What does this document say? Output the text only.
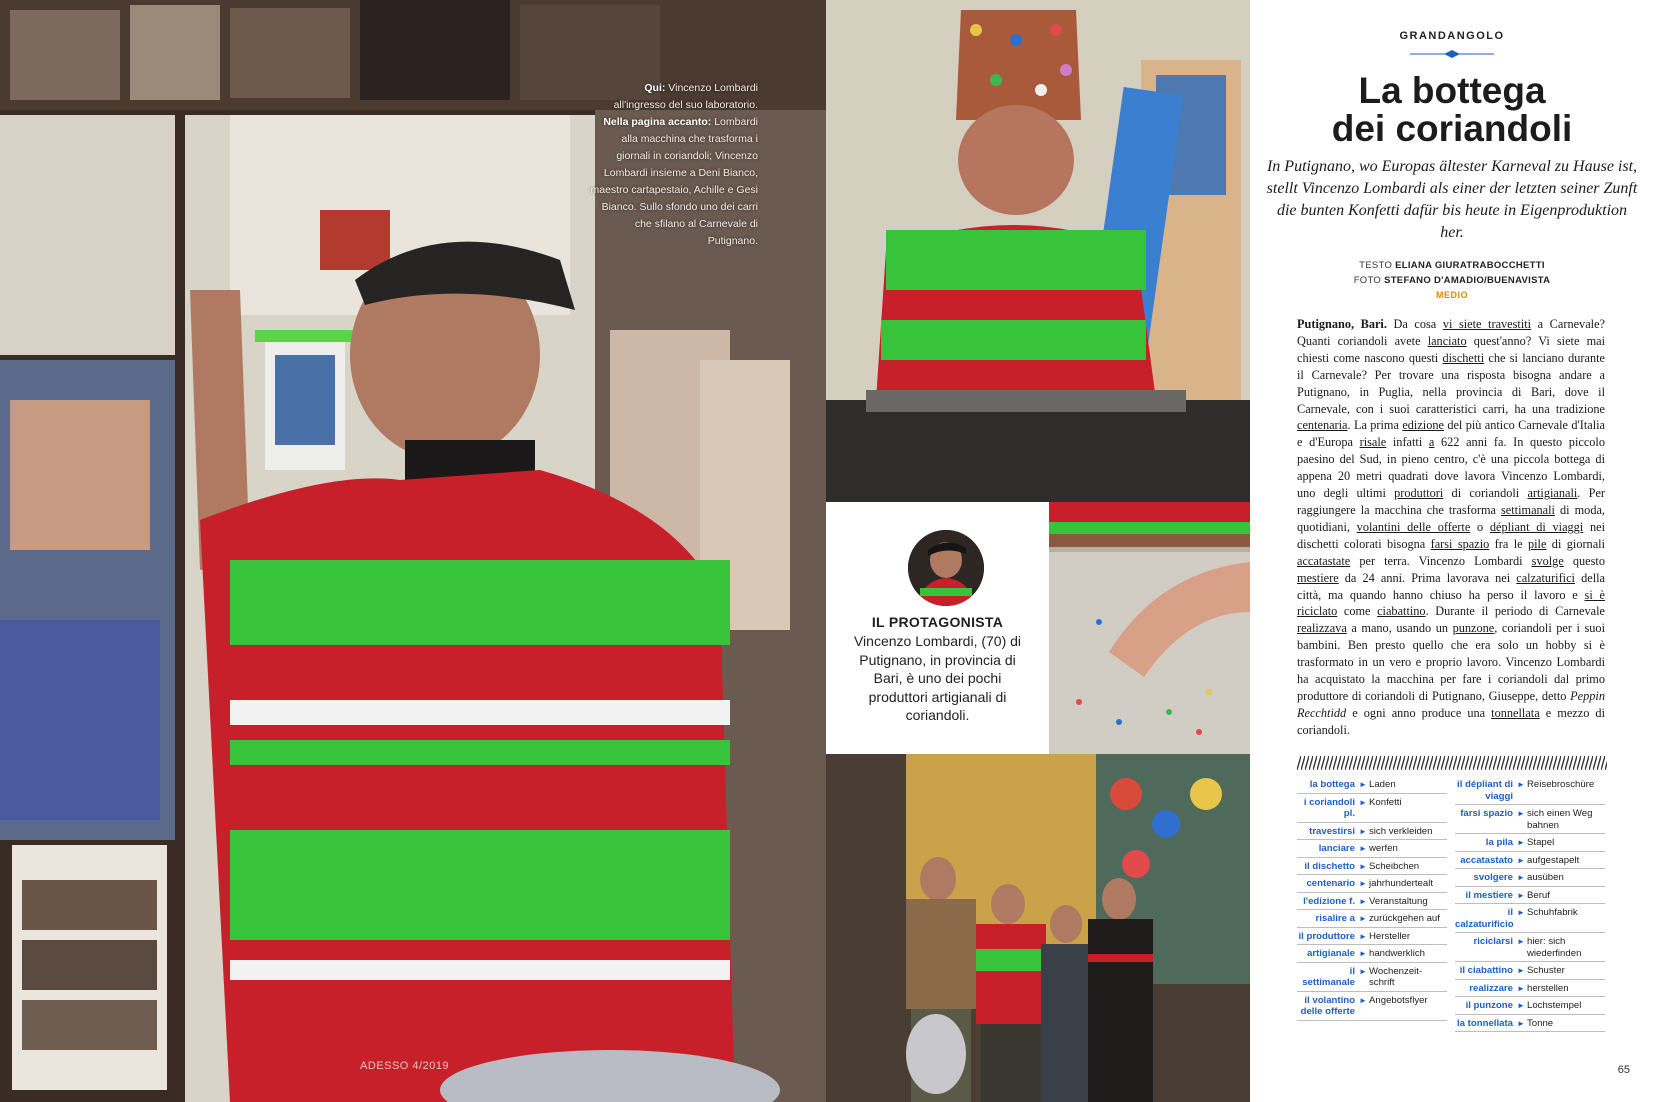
Qui: Vincenzo Lombardi all'ingresso del suo laboratorio. Nella pagina accanto: Lombardi alla macchina che trasforma i giornali in coriandoli; Vincenzo Lombardi insieme a Deni Bianco, maestro cartapestaio, Achille e Gesi Bianco. Sullo sfondo uno dei carri che sfilano al Carnevale di Putignano.
ADESSO 4/2019
IL PROTAGONISTA
Vincenzo Lombardi, (70) di Putignano, in provincia di Bari, è uno dei pochi produttori artigianali di coriandoli.
GRANDANGOLO
La bottega
dei coriandoli
In Putignano, wo Europas ältester Karneval zu Hause ist, stellt Vincenzo Lombardi als einer der letzten seiner Zunft die bunten Konfetti dafür bis heute in Eigenproduktion her.
TESTO ELIANA GIURATRABOCCHETTI
FOTO STEFANO D'AMADIO/BUENAVISTA
MEDIO
Putignano, Bari. Da cosa vi siete travestiti a Carnevale? Quanti coriandoli avete lanciato quest'anno? Vi siete mai chiesti come nascono questi dischetti che si lanciano durante il Carnevale? Per trovare una risposta bisogna andare a Putignano, in Puglia, nella provincia di Bari, dove il Carnevale, con i suoi caratteristici carri, ha una tradizione centenaria. La prima edizione del più antico Carnevale d'Italia e d'Europa risale infatti a 622 anni fa. In questo piccolo paesino del Sud, in pieno centro, c'è una piccola bottega di appena 20 metri quadrati dove lavora Vincenzo Lombardi, uno degli ultimi produttori di coriandoli artigianali. Per raggiungere la macchina che trasforma settimanali di moda, quotidiani, volantini delle offerte o dépliant di viaggi nei dischetti colorati bisogna farsi spazio fra le pile di giornali accatastate per terra. Vincenzo Lombardi svolge questo mestiere da 24 anni. Prima lavorava nei calzaturifici della città, ma quando hanno chiuso ha perso il lavoro e si è riciclato come ciabattino. Durante il periodo di Carnevale realizzava a mano, usando un punzone, coriandoli per i suoi bambini. Ben presto quello che era solo un hobby si è trasformato in un vero e proprio lavoro. Vincenzo Lombardi ha acquistato la macchina per fare i coriandoli dal primo produttore di coriandoli di Putignano, Giuseppe, detto Peppin Recchtidd e ogni anno produce una tonnellata e mezzo di coriandoli.
la bottega ► Laden
i coriandoli pl.
► Konfetti
travestirsi ► sich verkleiden
lanciare ► werfen
il dischetto ► Scheibchen
centenario ► jahrhundertealt
l'edizione f. ► Veranstaltung
risalire a ► zurückgehen auf
il produttore ► Hersteller
artigianale ► handwerklich
il settimanale
► Wochenzeit-schrift
il volantino delle offerte
► Angebotsflyer
il dépliant di viaggi
► Reisebroschüre
farsi spazio ► sich einen Weg bahnen
la pila ► Stapel
accatastato ► aufgestapelt
svolgere ► ausüben
il mestiere ► Beruf
il calzaturificio
► Schuhfabrik
riciclarsi ► hier: sich wiederfinden
il ciabattino ► Schuster
realizzare ► herstellen
il punzone ► Lochstempel
la tonnellata ► Tonne
65
